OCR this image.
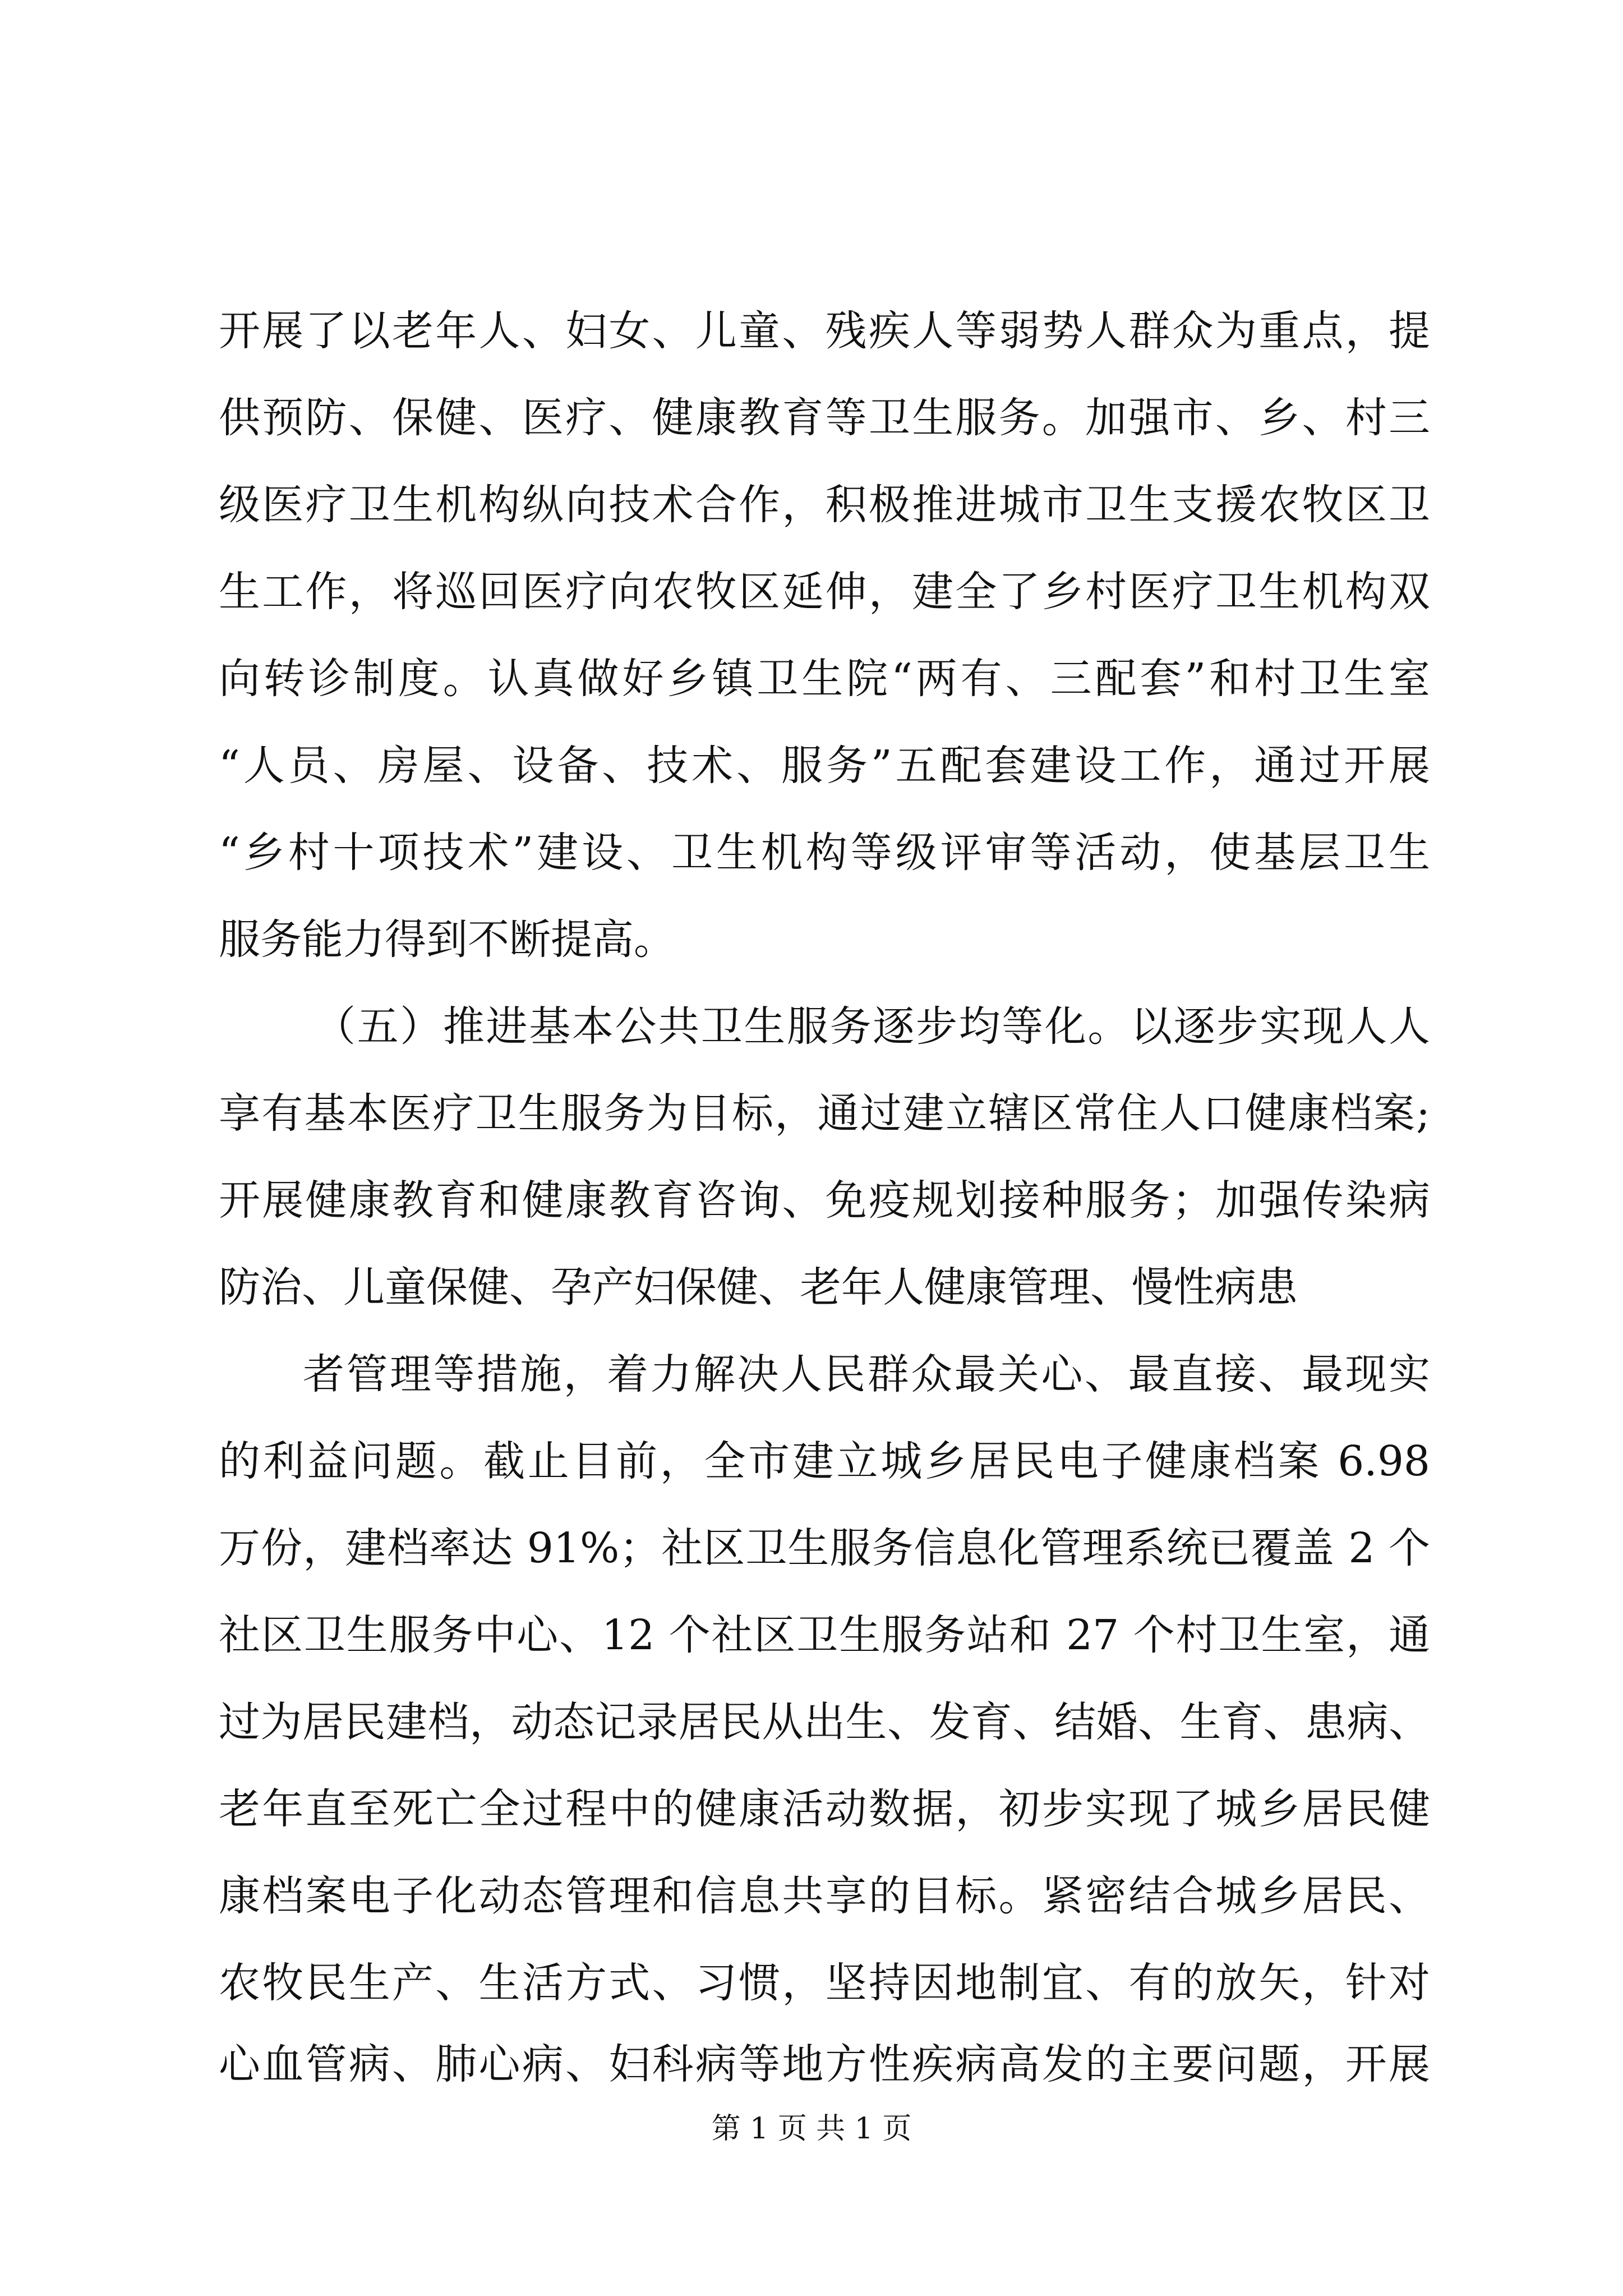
开展了以老年人、妇女、儿童、残疾人等弱势人群众为重点，提
供预防、保健、医疗、健康教育等卫生服务。加强市、乡、村三
级医疗卫生机构纵向技术合作，积极推进城市卫生支援农牧区卫
生工作，将巡回医疗向农牧区延伸，建全了乡村医疗卫生机构双
向转诊制度。认真做好乡镇卫生院“两有、三配套”和村卫生室
“人员、房屋、设备、技术、服务”五配套建设工作，通过开展
“乡村十项技术”建设、卫生机构等级评审等活动，使基层卫生
服务能力得到不断提高。
（五）推进基本公共卫生服务逐步均等化。以逐步实现人人
享有基本医疗卫生服务为目标，通过建立辖区常住人口健康档案;
开展健康教育和健康教育咨询、免疫规划接种服务；加强传染病
防治、儿童保健、孕产妇保健、老年人健康管理、慢性病患
者管理等措施，着力解决人民群众最关心、最直接、最现实
的利益问题。截止目前，全市建立城乡居民电子健康档案 6.98
万份，建档率达 91%；社区卫生服务信息化管理系统已覆盖 2 个
社区卫生服务中心、12 个社区卫生服务站和 27 个村卫生室，通
过为居民建档，动态记录居民从出生、发育、结婚、生育、患病、
老年直至死亡全过程中的健康活动数据，初步实现了城乡居民健
康档案电子化动态管理和信息共享的目标。紧密结合城乡居民、
农牧民生产、生活方式、习惯，坚持因地制宜、有的放矢，针对
心血管病、肺心病、妇科病等地方性疾病高发的主要问题，开展
第 1 页 共 1 页
